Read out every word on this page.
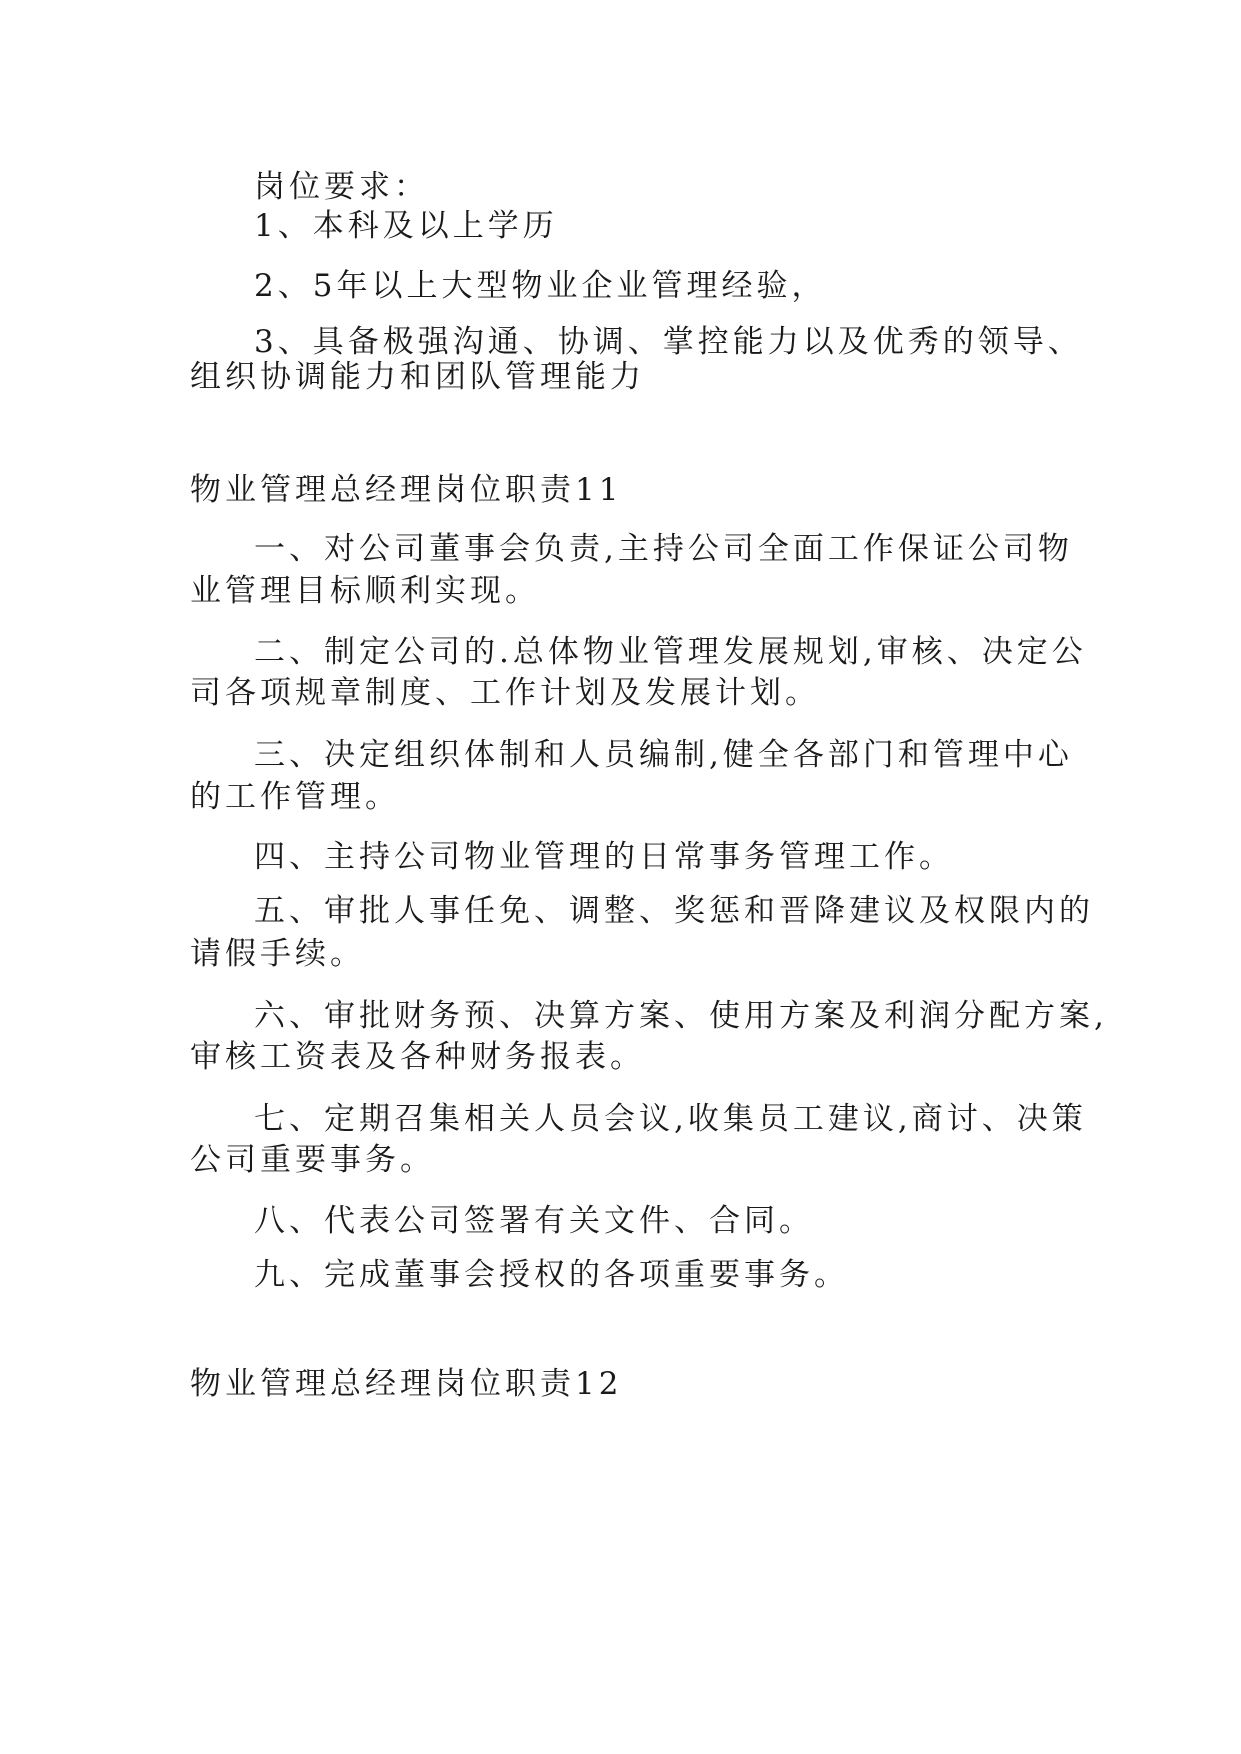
岗位要求：

1、本科及以上学历

2、5年以上大型物业企业管理经验，

3、具备极强沟通、协调、掌控能力以及优秀的领导、

组织协调能力和团队管理能力

物业管理总经理岗位职责11

一、对公司董事会负责,主持公司全面工作保证公司物

业管理目标顺利实现。

二、制定公司的.总体物业管理发展规划,审核、决定公

司各项规章制度、工作计划及发展计划。

三、决定组织体制和人员编制,健全各部门和管理中心

的工作管理。

四、主持公司物业管理的日常事务管理工作。

五、审批人事任免、调整、奖惩和晋降建议及权限内的

请假手续。

六、审批财务预、决算方案、使用方案及利润分配方案,

审核工资表及各种财务报表。

七、定期召集相关人员会议,收集员工建议,商讨、决策

公司重要事务。

八、代表公司签署有关文件、合同。

九、完成董事会授权的各项重要事务。

物业管理总经理岗位职责12
